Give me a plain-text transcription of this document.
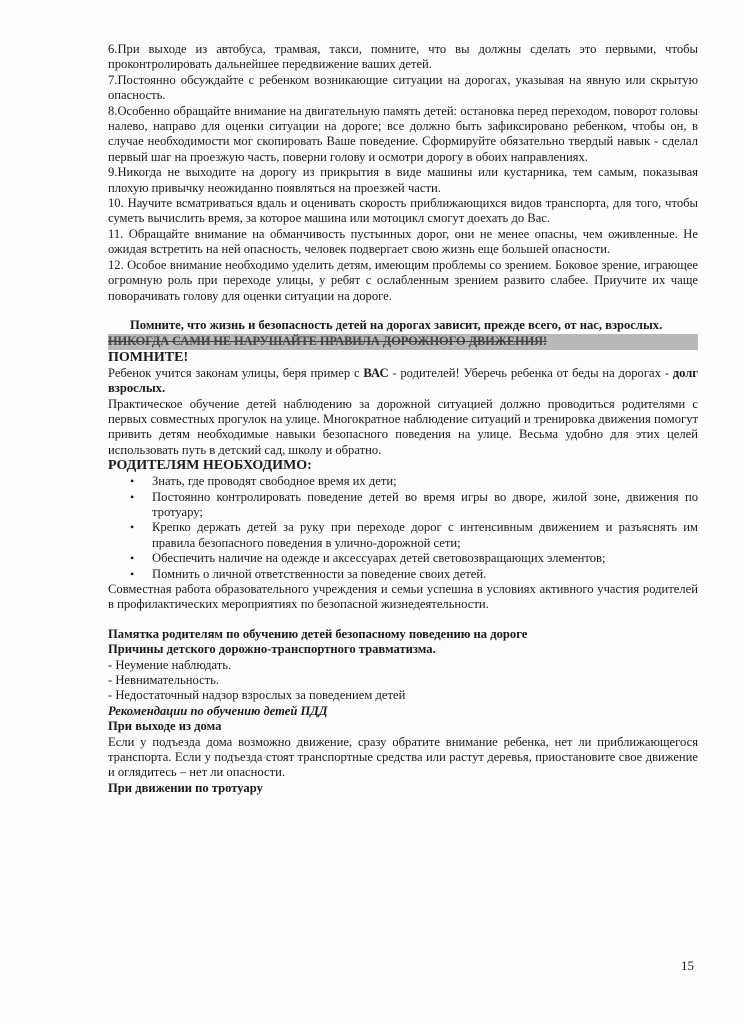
6.При выходе из автобуса, трамвая, такси, помните, что вы должны сделать это первыми, чтобы проконтролировать дальнейшее передвижение ваших детей.

7.Постоянно обсуждайте с ребенком возникающие ситуации на дорогах, указывая на явную или скрытую опасность.

8.Особенно обращайте внимание на двигательную память детей: остановка перед переходом, поворот головы налево, направо для оценки ситуации на дороге; все должно быть зафиксировано ребенком, чтобы он, в случае необходимости мог скопировать Ваше поведение. Сформируйте обязательно твердый навык - сделал первый шаг на проезжую часть, поверни голову и осмотри дорогу в обоих направлениях.

9.Никогда не выходите на дорогу из прикрытия в виде машины или кустарника, тем самым, показывая плохую привычку неожиданно появляться на проезжей части.

10. Научите всматриваться вдаль и оценивать скорость приближающихся видов транспорта, для того, чтобы суметь вычислить время, за которое машина или мотоцикл смогут доехать до Вас.

11. Обращайте внимание на обманчивость пустынных дорог, они не менее опасны, чем оживленные. Не ожидая встретить на ней опасность, человек подвергает свою жизнь еще большей опасности.

12. Особое внимание необходимо уделить детям, имеющим проблемы со зрением. Боковое зрение, играющее огромную роль при переходе улицы, у ребят с ослабленным зрением развито слабее. Приучите их чаще поворачивать голову для оценки ситуации на дороге.

Помните, что жизнь и безопасность детей на дорогах зависит, прежде всего, от нас, взрослых.

НИКОГДА САМИ НЕ НАРУШАЙТЕ ПРАВИЛА ДОРОЖНОГО ДВИЖЕНИЯ!

ПОМНИТЕ!

Ребенок учится законам улицы, беря пример с ВАС - родителей! Уберечь ребенка от беды на дорогах - долг взрослых.

Практическое обучение детей наблюдению за дорожной ситуацией должно проводиться родителями с первых совместных прогулок на улице. Многократное наблюдение ситуаций и тренировка движения помогут привить детям необходимые навыки безопасного поведения на улице. Весьма удобно для этих целей использовать путь в детский сад, школу и обратно.

РОДИТЕЛЯМ НЕОБХОДИМО:

• Знать, где проводят свободное время их дети;
• Постоянно контролировать поведение детей во время игры во дворе, жилой зоне, движения по тротуару;
• Крепко держать детей за руку при переходе дорог с интенсивным движением и разъяснять им правила безопасного поведения в улично-дорожной сети;
• Обеспечить наличие на одежде и аксессуарах детей световозвращающих элементов;
• Помнить о личной ответственности за поведение своих детей.

Совместная работа образовательного учреждения и семьи успешна в условиях активного участия родителей в профилактических мероприятиях по безопасной жизнедеятельности.

Памятка родителям по обучению детей безопасному поведению на дороге

Причины детского дорожно-транспортного травматизма.

- Неумение наблюдать.

- Невнимательность.

- Недостаточный надзор взрослых за поведением детей

Рекомендации по обучению детей ПДД

При выходе из дома

Если у подъезда дома возможно движение, сразу обратите внимание ребенка, нет ли приближающегося транспорта. Если у подъезда стоят транспортные средства или растут деревья, приостановите свое движение и оглядитесь – нет ли опасности.

При движении по тротуару

15
